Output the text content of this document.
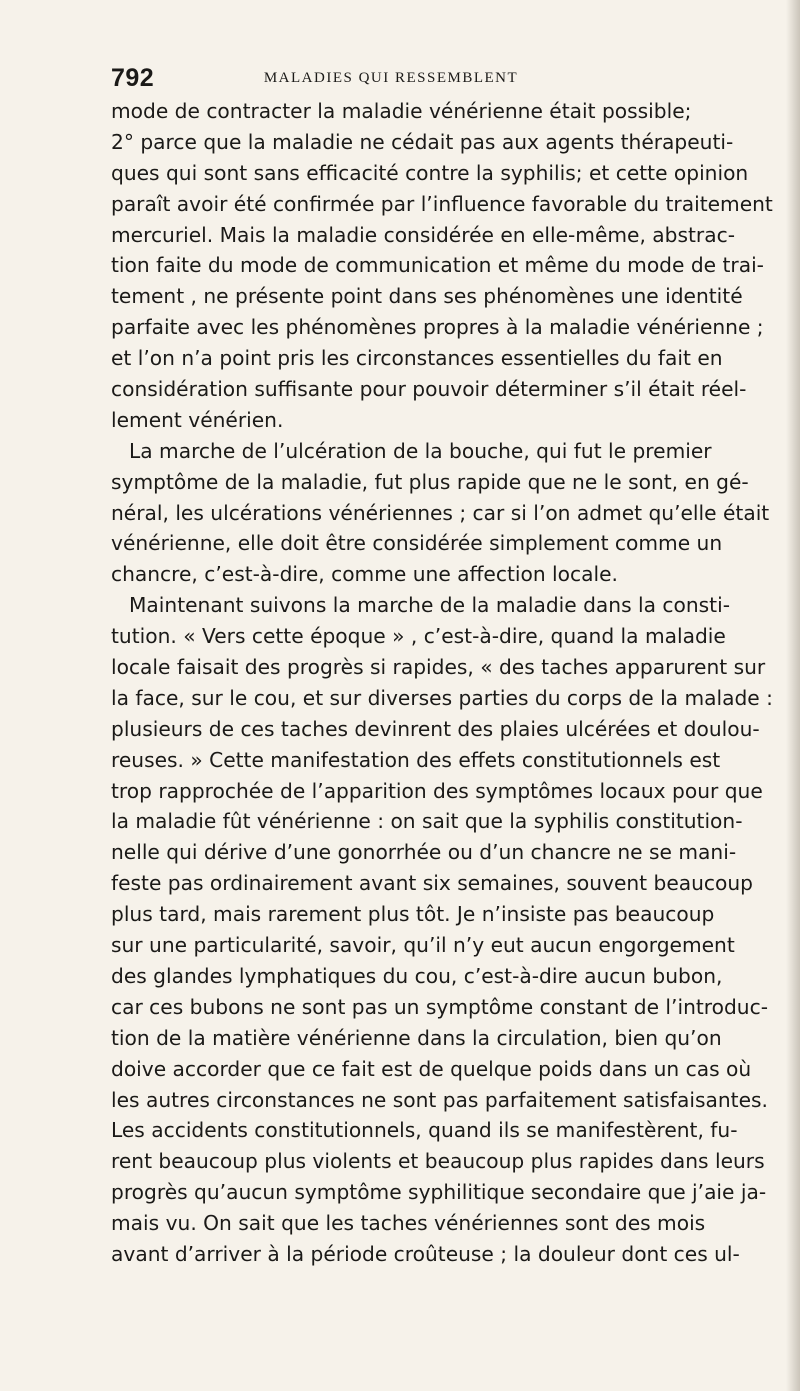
792	MALADIES QUI RESSEMBLENT
mode de contracter la maladie vénérienne était possible;
2° parce que la maladie ne cédait pas aux agents thérapeuti-
ques qui sont sans efficacité contre la syphilis; et cette opinion
paraît avoir été confirmée par l’influence favorable du traitement
mercuriel. Mais la maladie considérée en elle-même, abstrac-
tion faite du mode de communication et même du mode de trai-
tement , ne présente point dans ses phénomènes une identité
parfaite avec les phénomènes propres à la maladie vénérienne ;
et l’on n’a point pris les circonstances essentielles du fait en
considération suffisante pour pouvoir déterminer s’il était réel-
lement vénérien.
La marche de l’ulcération de la bouche, qui fut le premier
symptôme de la maladie, fut plus rapide que ne le sont, en gé-
néral, les ulcérations vénériennes ; car si l’on admet qu’elle était
vénérienne, elle doit être considérée simplement comme un
chancre, c’est-à-dire, comme une affection locale.
Maintenant suivons la marche de la maladie dans la consti-
tution. « Vers cette époque » , c’est-à-dire, quand la maladie
locale faisait des progrès si rapides, « des taches apparurent sur
la face, sur le cou, et sur diverses parties du corps de la malade :
plusieurs de ces taches devinrent des plaies ulcérées et doulou-
reuses. » Cette manifestation des effets constitutionnels est
trop rapprochée de l’apparition des symptômes locaux pour que
la maladie fût vénérienne : on sait que la syphilis constitution-
nelle qui dérive d’une gonorrhée ou d’un chancre ne se mani-
feste pas ordinairement avant six semaines, souvent beaucoup
plus tard, mais rarement plus tôt. Je n’insiste pas beaucoup
sur une particularité, savoir, qu’il n’y eut aucun engorgement
des glandes lymphatiques du cou, c’est-à-dire aucun bubon,
car ces bubons ne sont pas un symptôme constant de l’introduc-
tion de la matière vénérienne dans la circulation, bien qu’on
doive accorder que ce fait est de quelque poids dans un cas où
les autres circonstances ne sont pas parfaitement satisfaisantes.
Les accidents constitutionnels, quand ils se manifestèrent, fu-
rent beaucoup plus violents et beaucoup plus rapides dans leurs
progrès qu’aucun symptôme syphilitique secondaire que j’aie ja-
mais vu. On sait que les taches vénériennes sont des mois
avant d’arriver à la période croûteuse ; la douleur dont ces ul-
